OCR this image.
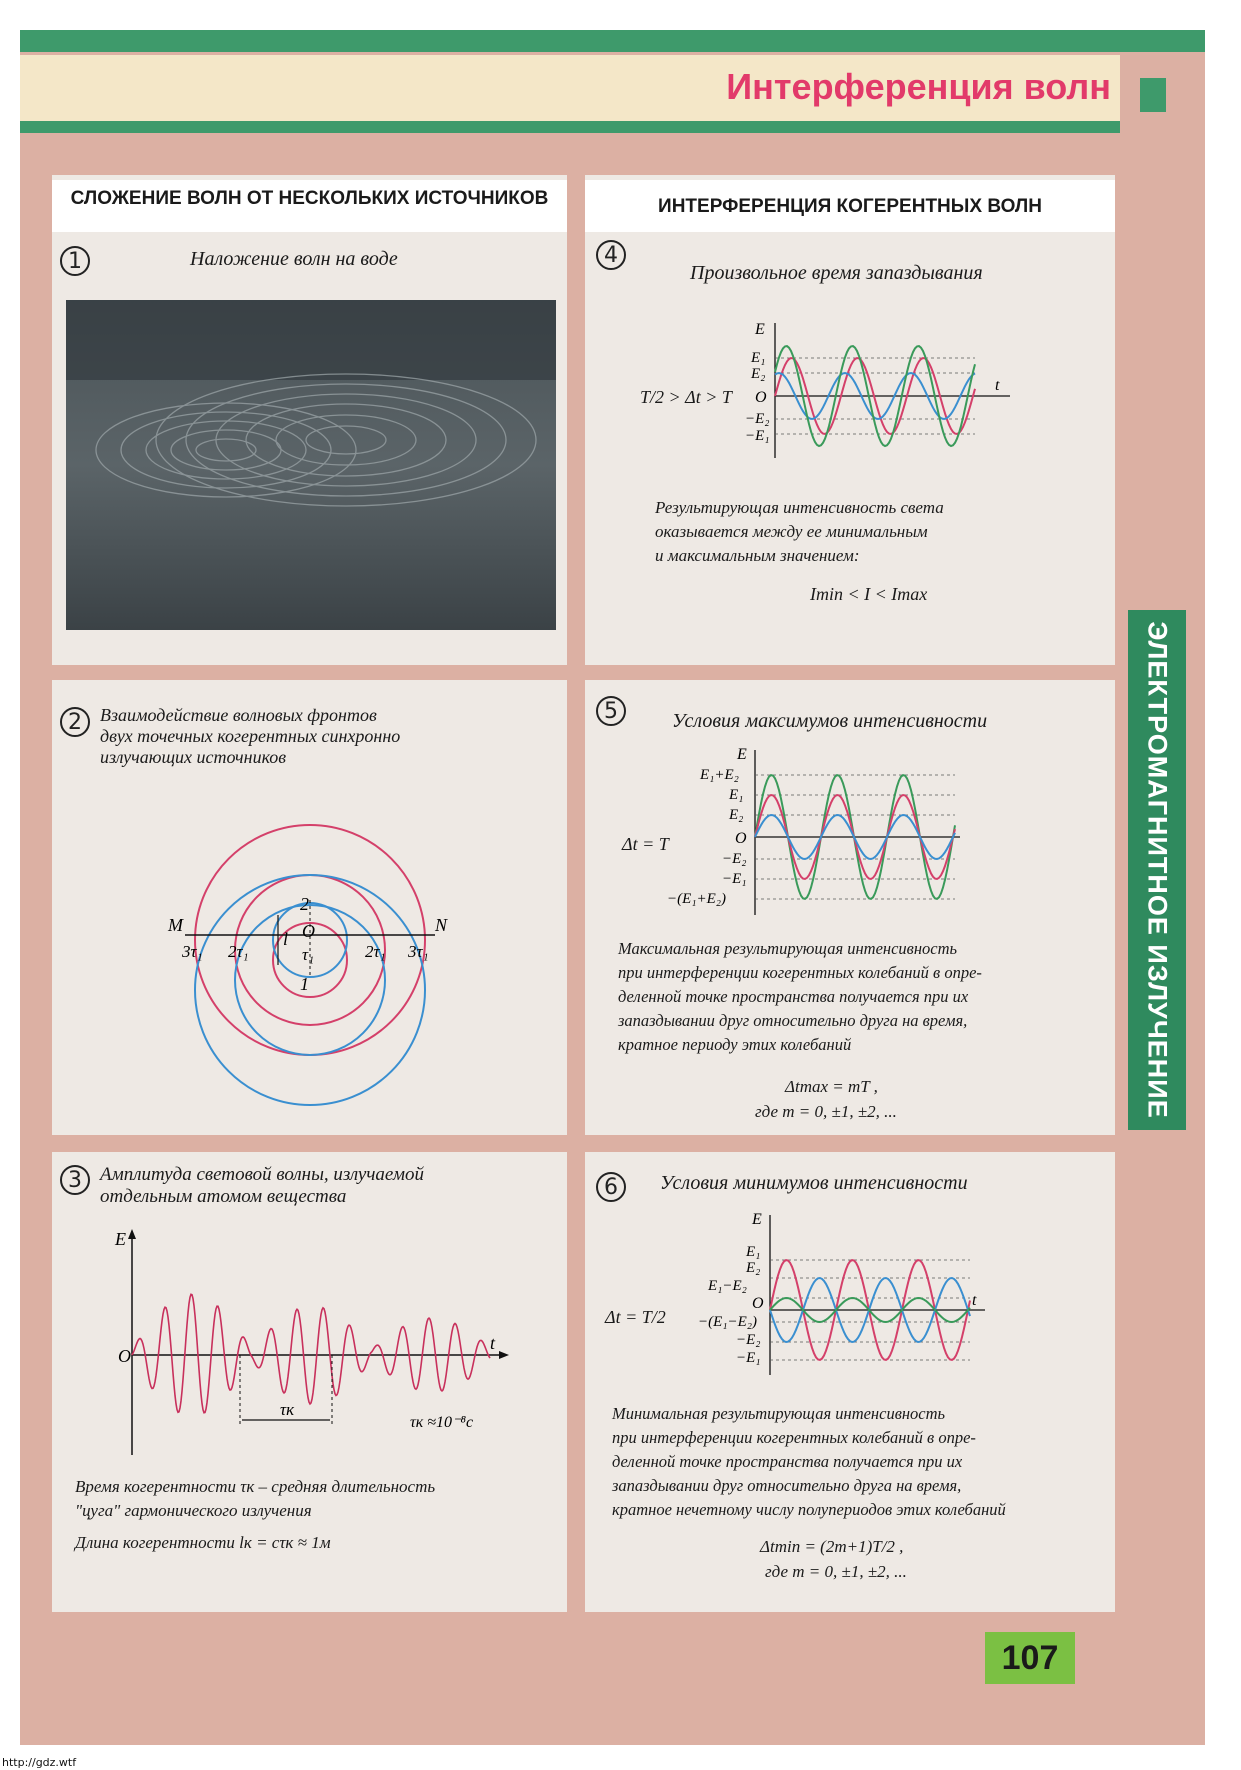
Интерференция волн
ЭЛЕКТРОМАГНИТНОЕ ИЗЛУЧЕНИЕ
СЛОЖЕНИЕ ВОЛН ОТ НЕСКОЛЬКИХ ИСТОЧНИКОВ	ИНТЕРФЕРЕНЦИЯ КОГЕРЕНТНЫХ ВОЛН
1	Наложение волн на воде
2	Взаимодействие волновых фронтов
двух точечных когерентных синхронно
излучающих источников
2
1
O
τ₁
l
M	N
3τ₁ 2τ₁	2τ₁ 3τ₁
3 Амплитуда световой волны, излучаемой
отдельным атомом вещества
O
E
t
τк
τк ≈10⁻⁸с
Время когерентности τк – средняя длительность
"цуга" гармонического излучения
Длина когерентности lк = cτк ≈ 1м
4
Произвольное время запаздывания
T/2 > Δt > T
E
E₁
E₂
O
−E₂
−E₁
t
Результирующая интенсивность света
оказывается между ее минимальным
и максимальным значением:
Imin < I < Imax
5	Условия максимумов интенсивности
Δt = T
E
E₁+E₂
E₁
E₂
O
−E₂
−E₁
−(E₁+E₂)
Максимальная результирующая интенсивность
при интерференции когерентных колебаний в опре-
деленной точке пространства получается при их
запаздывании друг относительно друга на время,
кратное периоду этих колебаний
Δtmax = mT ,
где m = 0, ±1, ±2, ...
6	Условия минимумов интенсивности
Δt = T/2
E
E₁
E₂
E₁−E₂
O
−(E₁−E₂)
−E₂
−E₁
t
Минимальная результирующая интенсивность
при интерференции когерентных колебаний в опре-
деленной точке пространства получается при их
запаздывании друг относительно друга на время,
кратное нечетному числу полупериодов этих колебаний
Δtmin = (2m+1)T/2 ,
где m = 0, ±1, ±2, ...
107
http://gdz.wtf
